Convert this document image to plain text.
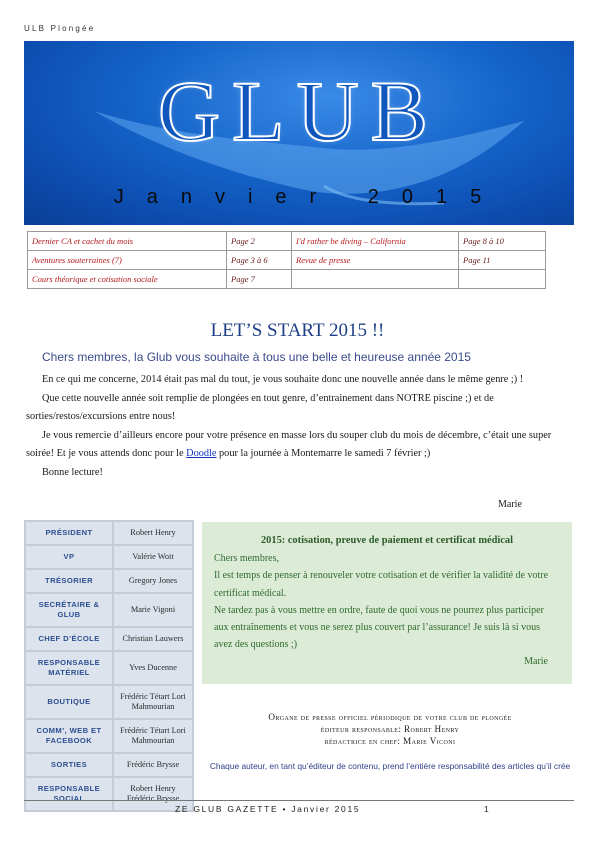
ULB Plongée
GLUB
Janvier 2015
Dernier CA et cachet du mois	Page 2	I'd rather be diving – California	Page 8 à 10
Aventures souterraines (7)	Page 3 à 6	Revue de presse	Page 11
Cours théorique et cotisation sociale	Page 7		
LET’S START 2015 !!
Chers membres, la Glub vous souhaite à tous une belle et heureuse année 2015

En ce qui me concerne, 2014 était pas mal du tout, je vous souhaite donc une nouvelle année dans le même genre ;) !

Que cette nouvelle année soit remplie de plongées en tout genre, d’entrainement dans NOTRE piscine ;) et de sorties/restos/excursions entre nous!

Je vous remercie d’ailleurs encore pour votre présence en masse lors du souper club du mois de décembre, c’était une super soirée! Et je vous attends donc pour le Doodle pour la journée à Montemarre le samedi 7 février ;)

Bonne lecture!

Marie
PRÉSIDENT	Robert Henry
VP	Valérie Woit
TRÉSORIER	Gregory Jones
SECRÉTAIRE & GLUB	Marie Vigoni
CHEF D’ÉCOLE	Christian Lauwers
RESPONSABLE MATÉRIEL	Yves Ducenne
BOUTIQUE	Frédéric Tétart Lori Mahmourian
COMM’, WEB ET FACEBOOK	Frédéric Tétart Lori Mahmourian
SORTIES	Frédéric Brysse
RESPONSABLE SOCIAL	Robert Henry Frédéric Brysse
2015: cotisation, preuve de paiement et certificat médical

Chers membres,

Il est temps de penser à renouveler votre cotisation et de vérifier la validité de votre certificat médical.

Ne tardez pas à vous mettre en ordre, faute de quoi vous ne pourrez plus participer aux entraînements et vous ne serez plus couvert par l’assurance! Je suis là si vous avez des questions ;)

Marie

Organe de presse officiel périodique de votre club de plongée
éditeur responsable: Robert Henry
rédactrice en chef: Marie Viconi
Chaque auteur, en tant qu’éditeur de contenu, prend l’entière responsabilité des articles qu’il crée
ZE GLUB GAZETTE • Janvier 2015	1
